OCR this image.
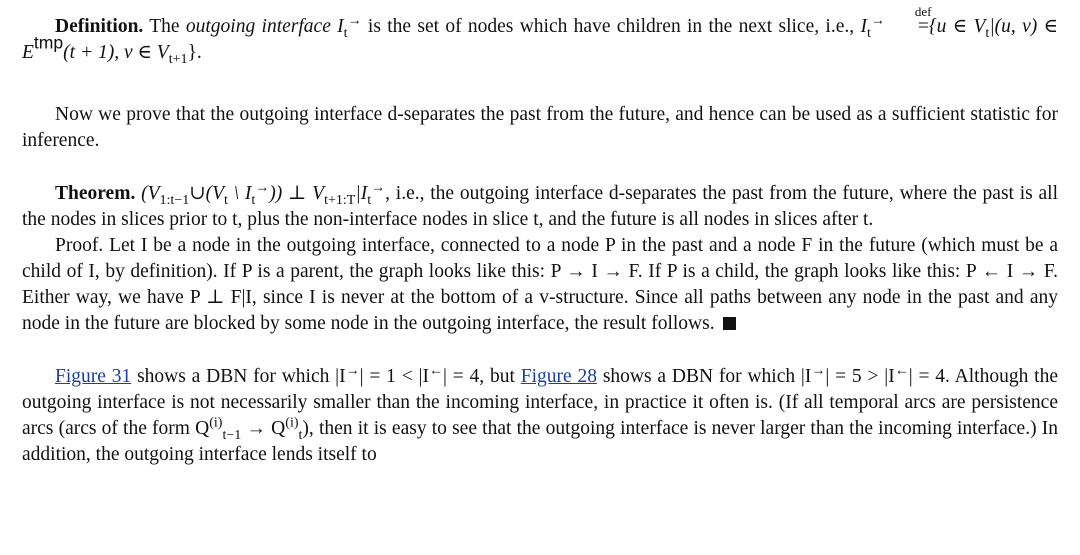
Definition. The outgoing interface $I_t^\to$ is the set of nodes which have children in the next slice, i.e., $I_t^\to$
def
={u ∈ $V_t|(u$, v) ∈ Etmp(t + 1), v ∈ $V_{t+1}$}.

Now we prove that the outgoing interface d-separates the past from the future, and hence can be used as a sufficient statistic for inference.

Theorem. ($V_{1:t-1}\cup(V_t$ \ $I_t^\to$)) ⊥ $V_{t+1:T}|I_t^\to$, i.e., the outgoing interface d-separates the past from the future, where the past is all the nodes in slices prior to t, plus the non-interface nodes in slice t, and the future is all nodes in slices after t.

Proof. Let I be a node in the outgoing interface, connected to a node P in the past and a node F in the future (which must be a child of I, by definition). If P is a parent, the graph looks like this: P → I → F. If P is a child, the graph looks like this: P ← I → F. Either way, we have P ⊥ F|I, since I is never at the bottom of a v-structure. Since all paths between any node in the past and any node in the future are blocked by some node in the outgoing interface, the result follows.

Figure 31 shows a DBN for which |I→| = 1 < |I←| = 4, but Figure 28 shows a DBN for which |I→| = 5 > |I←| = 4. Although the outgoing interface is not necessarily smaller than the incoming interface, in practice it often is. (If all temporal arcs are persistence arcs (arcs of the form $Q^{(i)}_{t-1} \to Q^{(i)}_t$), then it is easy to see that the outgoing interface is never larger than the incoming interface.) In addition, the outgoing interface lends itself to
